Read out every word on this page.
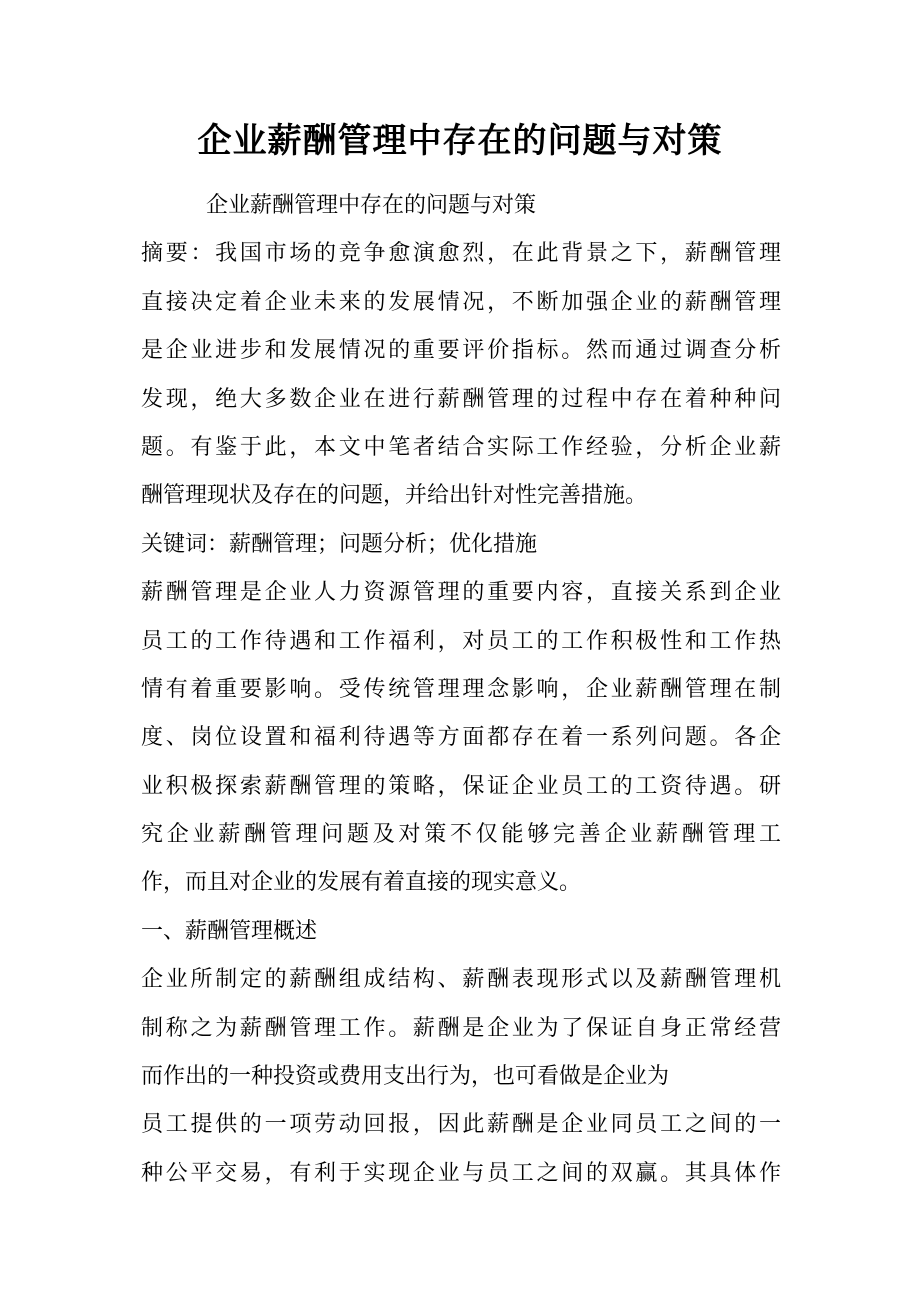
企业薪酬管理中存在的问题与对策
企业薪酬管理中存在的问题与对策
摘要：我国市场的竞争愈演愈烈，在此背景之下，薪酬管理
直接决定着企业未来的发展情况，不断加强企业的薪酬管理
是企业进步和发展情况的重要评价指标。然而通过调查分析
发现，绝大多数企业在进行薪酬管理的过程中存在着种种问
题。有鉴于此，本文中笔者结合实际工作经验，分析企业薪
酬管理现状及存在的问题，并给出针对性完善措施。
关键词：薪酬管理；问题分析；优化措施
薪酬管理是企业人力资源管理的重要内容，直接关系到企业
员工的工作待遇和工作福利，对员工的工作积极性和工作热
情有着重要影响。受传统管理理念影响，企业薪酬管理在制
度、岗位设置和福利待遇等方面都存在着一系列问题。各企
业积极探索薪酬管理的策略，保证企业员工的工资待遇。研
究企业薪酬管理问题及对策不仅能够完善企业薪酬管理工
作，而且对企业的发展有着直接的现实意义。
一、薪酬管理概述
企业所制定的薪酬组成结构、薪酬表现形式以及薪酬管理机
制称之为薪酬管理工作。薪酬是企业为了保证自身正常经营
而作出的一种投资或费用支出行为，也可看做是企业为
员工提供的一项劳动回报，因此薪酬是企业同员工之间的一
种公平交易，有利于实现企业与员工之间的双赢。其具体作
